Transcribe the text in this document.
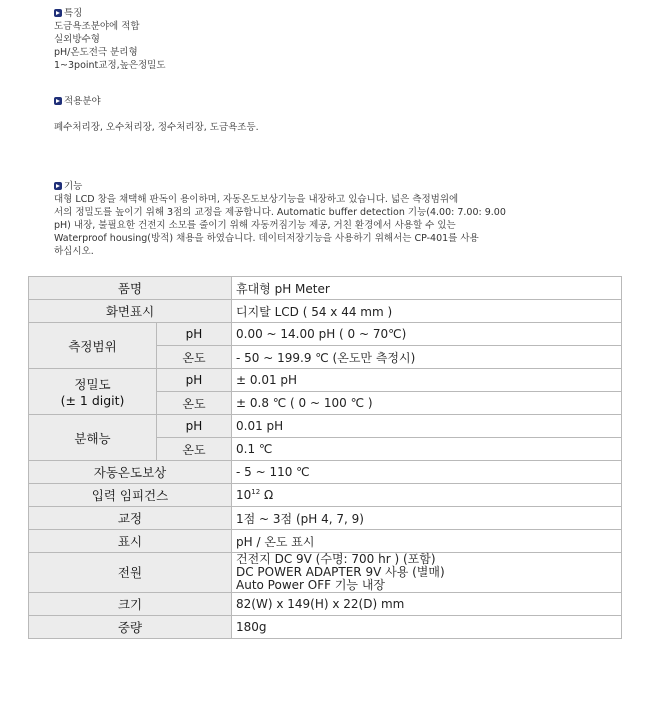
특징
도금욕조분야에 적합
실외방수형
pH/온도전극 분리형
1~3point교정,높은정밀도
적용분야
폐수처리장, 오수처리장, 정수처리장, 도금욕조등.
기능
대형 LCD 창을 채택해 판독이 용이하며, 자동온도보상기능을 내장하고 있습니다. 넓은 측정범위에
서의 정밀도를 높이기 위해 3점의 교정을 제공합니다. Automatic buffer detection 기능(4.00: 7.00: 9.00
pH) 내장, 불필요한 건전지 소모를 줄이기 위해 자동꺼짐기능 제공, 거친 환경에서 사용할 수 있는
Waterproof housing(방적) 채용을 하였습니다. 데이터저장기능을 사용하기 위해서는 CP-401를 사용
하십시오.
품명		휴대형 pH Meter
화면표시		디지탈 LCD ( 54 x 44 mm )
측정범위	pH	0.00 ~ 14.00 pH ( 0 ~ 70℃)
	온도	- 50 ~ 199.9 ℃ (온도만 측정시)

정밀도
(± 1 digit)	pH	± 0.01 pH
	온도	± 0.8 ℃ ( 0 ~ 100 ℃ )
분해능	pH	0.01 pH
	온도	0.1 ℃
자동온도보상		- 5 ~ 110 ℃
입력 임피건스		$10^{12}$ Ω
교정		1점 ~ 3점 (pH 4, 7, 9)
표시		pH / 온도 표시
전원		건전지 DC 9V (수명: 700 hr ) (포함)
DC POWER ADAPTER 9V 사용 (별매)
Auto Power OFF 기능 내장

크기		82(W) x 149(H) x 22(D) mm
중량		180g
